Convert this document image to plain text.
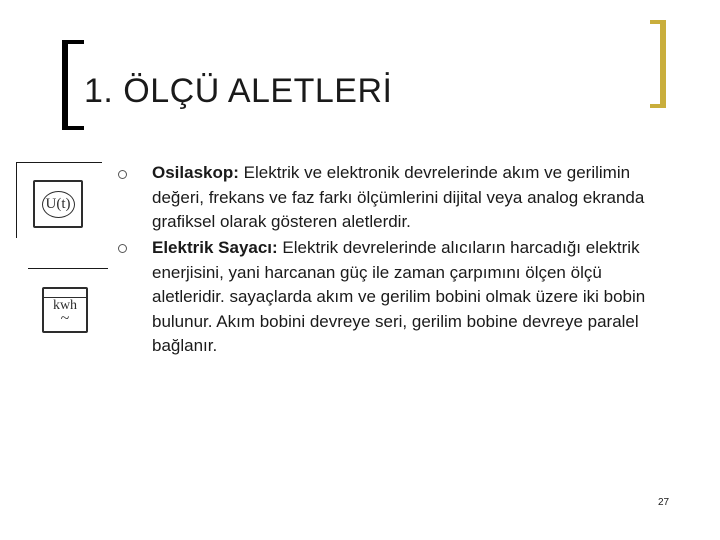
1. ÖLÇÜ ALETLERİ
U(t)
kwh
~
Osilaskop: Elektrik ve elektronik devrelerinde akım ve gerilimin değeri, frekans ve faz farkı ölçümlerini dijital veya analog ekranda grafiksel olarak gösteren aletlerdir.
Elektrik Sayacı: Elektrik devrelerinde alıcıların harcadığı elektrik enerjisini, yani harcanan güç ile zaman çarpımını ölçen ölçü aletleridir. sayaçlarda akım ve gerilim bobini olmak üzere iki bobin bulunur. Akım bobini devreye seri, gerilim bobine devreye paralel bağlanır.
27
